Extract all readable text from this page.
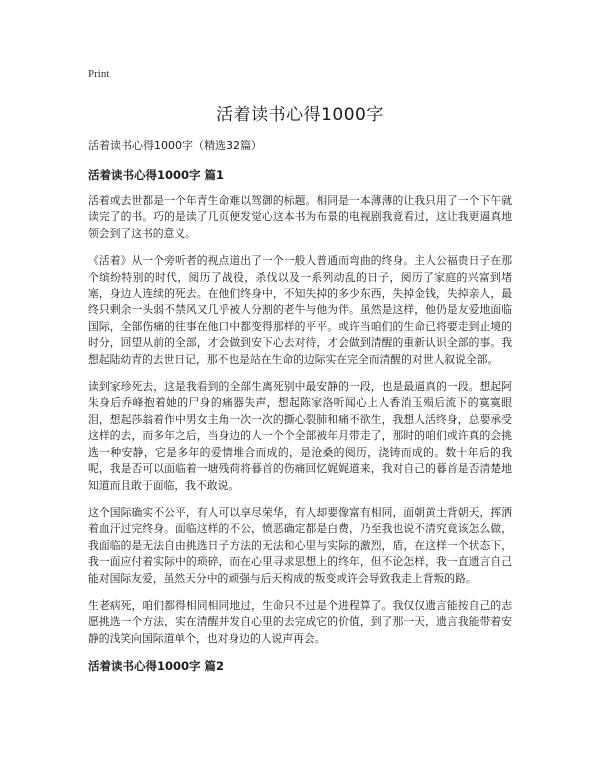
Print
活着读书心得1000字

活着读书心得1000字（精选32篇）

活着读书心得1000字 篇1

活着或去世都是一个年青生命难以驾御的标题。相同是一本薄薄的让我只用了一个下午就读完了的书。巧的是读了几页便发觉心这本书为布景的电视剧我竟看过，这让我更逼真地领会到了这书的意义。

《活着》从一个旁听者的视点道出了一个一般人普通而弯曲的终身。主人公福贵日子在那个缤纷特别的时代，阅历了战役，杀伐以及一系列动乱的日子，阅历了家庭的兴富到堵塞，身边人连续的死去。在他们终身中，不知失掉的多少东西，失掉金钱，失掉亲人，最终只剩余一头弱不禁风又几乎被人分割的老牛与他为伴。虽然是这样，他仍是友爱地面临国际，全部伤痛的往事在他口中都变得那样的平平。或许当咱们的生命已将要走到止境的时分，回望从前的全部，才会做到安下心去对待，才会做到清醒的重新认识全部的事。我想起陆幼青的去世日记，那不也是站在生命的边际实在完全而清醒的对世人叙说全部。

读到家珍死去，这是我看到的全部生离死别中最安静的一段，也是最逼真的一段。想起阿朱身后乔峰抱着她的尸身的痛器失声，想起陈家洛听闻心上人香消玉殒后流下的寞寞眼泪，想起莎翁着作中男女主角一次一次的撕心裂肺和痛不欲生，我想人活终身，总要承受这样的去，而多年之后，当身边的人一个个全部被年月带走了，那时的咱们或许真的会挑选一种安静，它是多年的爱情堆合而成的，是沧桑的阅历，浇铸而成的。数十年后的我呢，我是否可以面临着一塘残荷将暮首的伤痛回忆娓娓道来，我对自己的暮首是否清楚地知道而且敢于面临，我不敢说。

这个国际确实不公平，有人可以享尽荣华，有人却要像富有相同，面朝黄土背朝天，挥洒着血汗过完终身。面临这样的不公，愤恶确定都是白费，乃至我也说不清究竟该怎么做，我面临的是无法自由挑选日子方法的无法和心里与实际的激烈，盾，在这样一个状态下，我一面应付着实际中的琐碎，而在心里寻求思想上的终年，但不论怎样，我一直遗言自己能对国际友爱，虽然天分中的顽强与后天构成的叛变或许会导致我走上背叛的路。

生老病死，咱们都得相同相同地过，生命只不过是个进程算了。我仅仅遗言能按自己的志愿挑选一个方法，实在清醒并发自心里的去完成它的价值，到了那一天，遗言我能带着安静的浅笑向国际道单个，也对身边的人说声再会。

活着读书心得1000字 篇2
